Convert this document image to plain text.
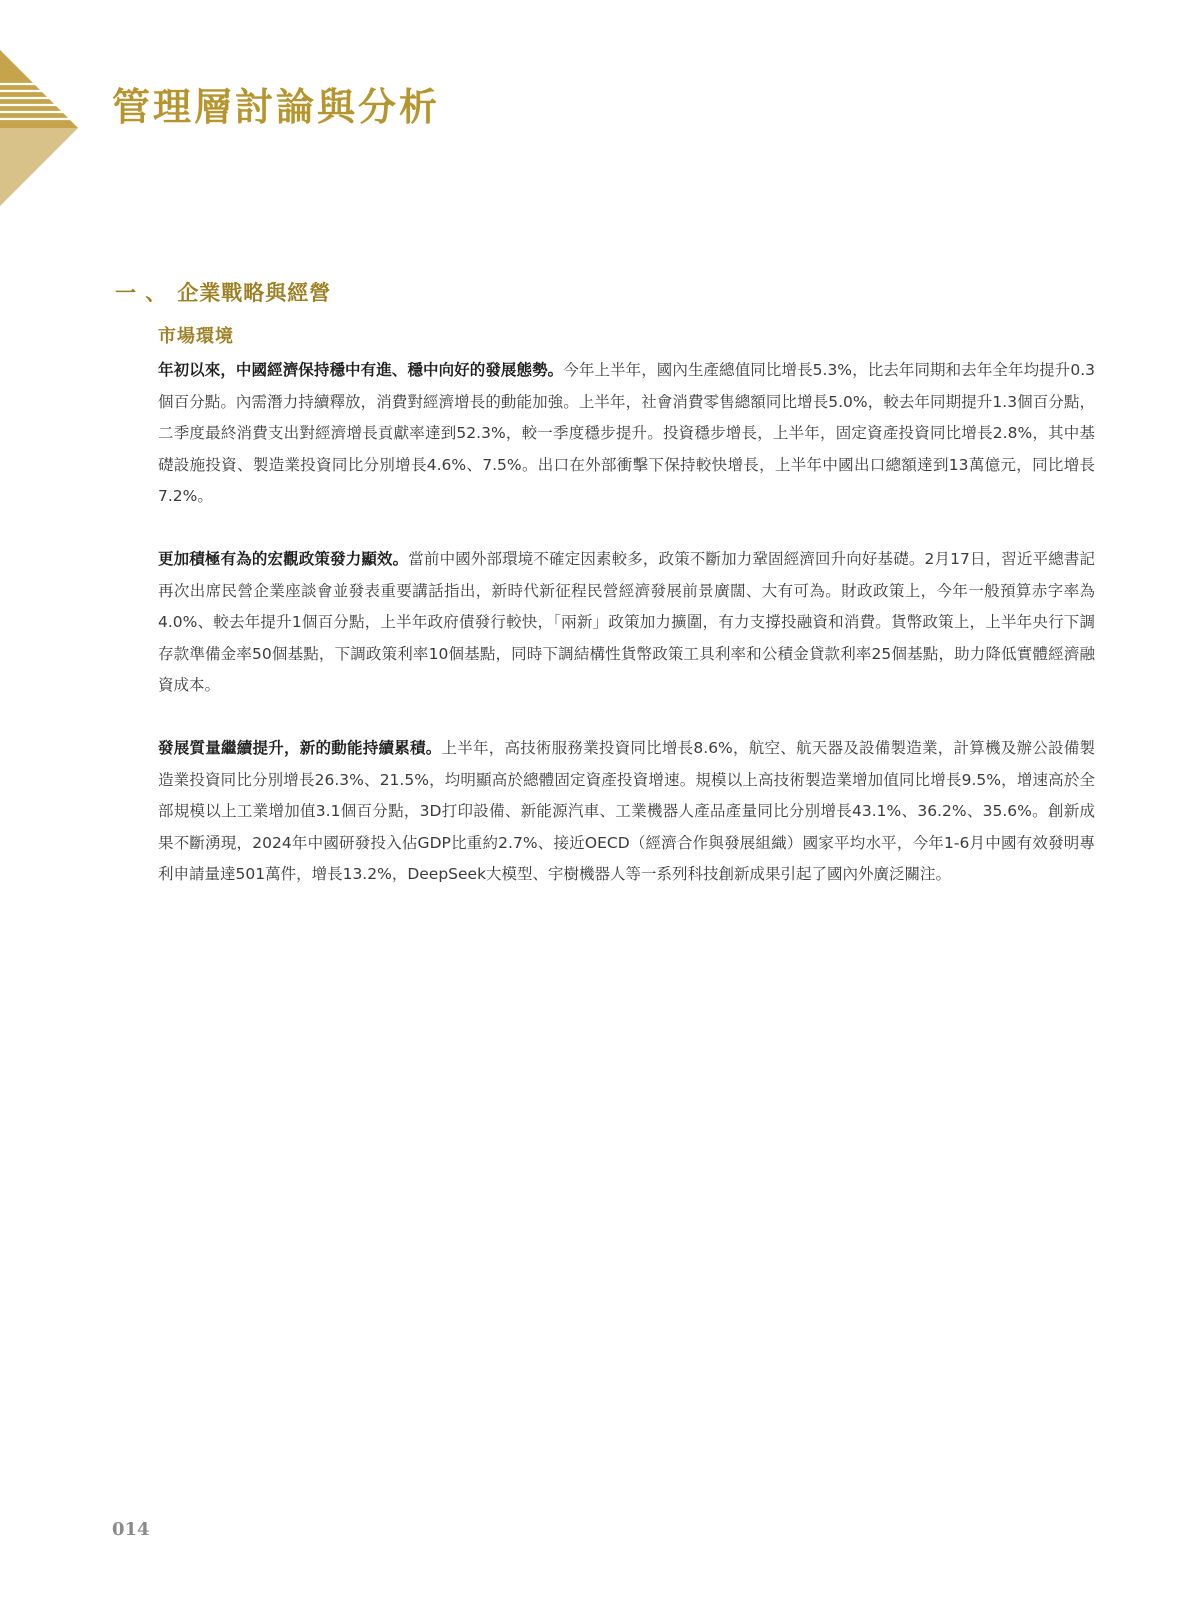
管理層討論與分析
一 、 企業戰略與經營
市場環境

年初以來，中國經濟保持穩中有進、穩中向好的發展態勢。今年上半年，國內生產總值同比增長5.3%，比去年同期和去年全年均提升0.3個百分點。內需潛力持續釋放，消費對經濟增長的動能加強。上半年，社會消費零售總額同比增長5.0%，較去年同期提升1.3個百分點，二季度最終消費支出對經濟增長貢獻率達到52.3%，較一季度穩步提升。投資穩步增長，上半年，固定資產投資同比增長2.8%，其中基礎設施投資、製造業投資同比分別增長4.6%、7.5%。出口在外部衝擊下保持較快增長，上半年中國出口總額達到13萬億元，同比增長7.2%。

更加積極有為的宏觀政策發力顯效。當前中國外部環境不確定因素較多，政策不斷加力鞏固經濟回升向好基礎。2月17日，習近平總書記再次出席民營企業座談會並發表重要講話指出，新時代新征程民營經濟發展前景廣闊、大有可為。財政政策上，今年一般預算赤字率為4.0%、較去年提升1個百分點，上半年政府債發行較快，「兩新」政策加力擴圍，有力支撐投融資和消費。貨幣政策上，上半年央行下調存款準備金率50個基點，下調政策利率10個基點，同時下調結構性貨幣政策工具利率和公積金貸款利率25個基點，助力降低實體經濟融資成本。

發展質量繼續提升，新的動能持續累積。上半年，高技術服務業投資同比增長8.6%，航空、航天器及設備製造業，計算機及辦公設備製造業投資同比分別增長26.3%、21.5%，均明顯高於總體固定資產投資增速。規模以上高技術製造業增加值同比增長9.5%，增速高於全部規模以上工業增加值3.1個百分點，3D打印設備、新能源汽車、工業機器人產品產量同比分別增長43.1%、36.2%、35.6%。創新成果不斷湧現，2024年中國研發投入佔GDP比重約2.7%、接近OECD（經濟合作與發展組織）國家平均水平，今年1-6月中國有效發明專利申請量達501萬件，增長13.2%，DeepSeek大模型、宇樹機器人等一系列科技創新成果引起了國內外廣泛關注。

014
